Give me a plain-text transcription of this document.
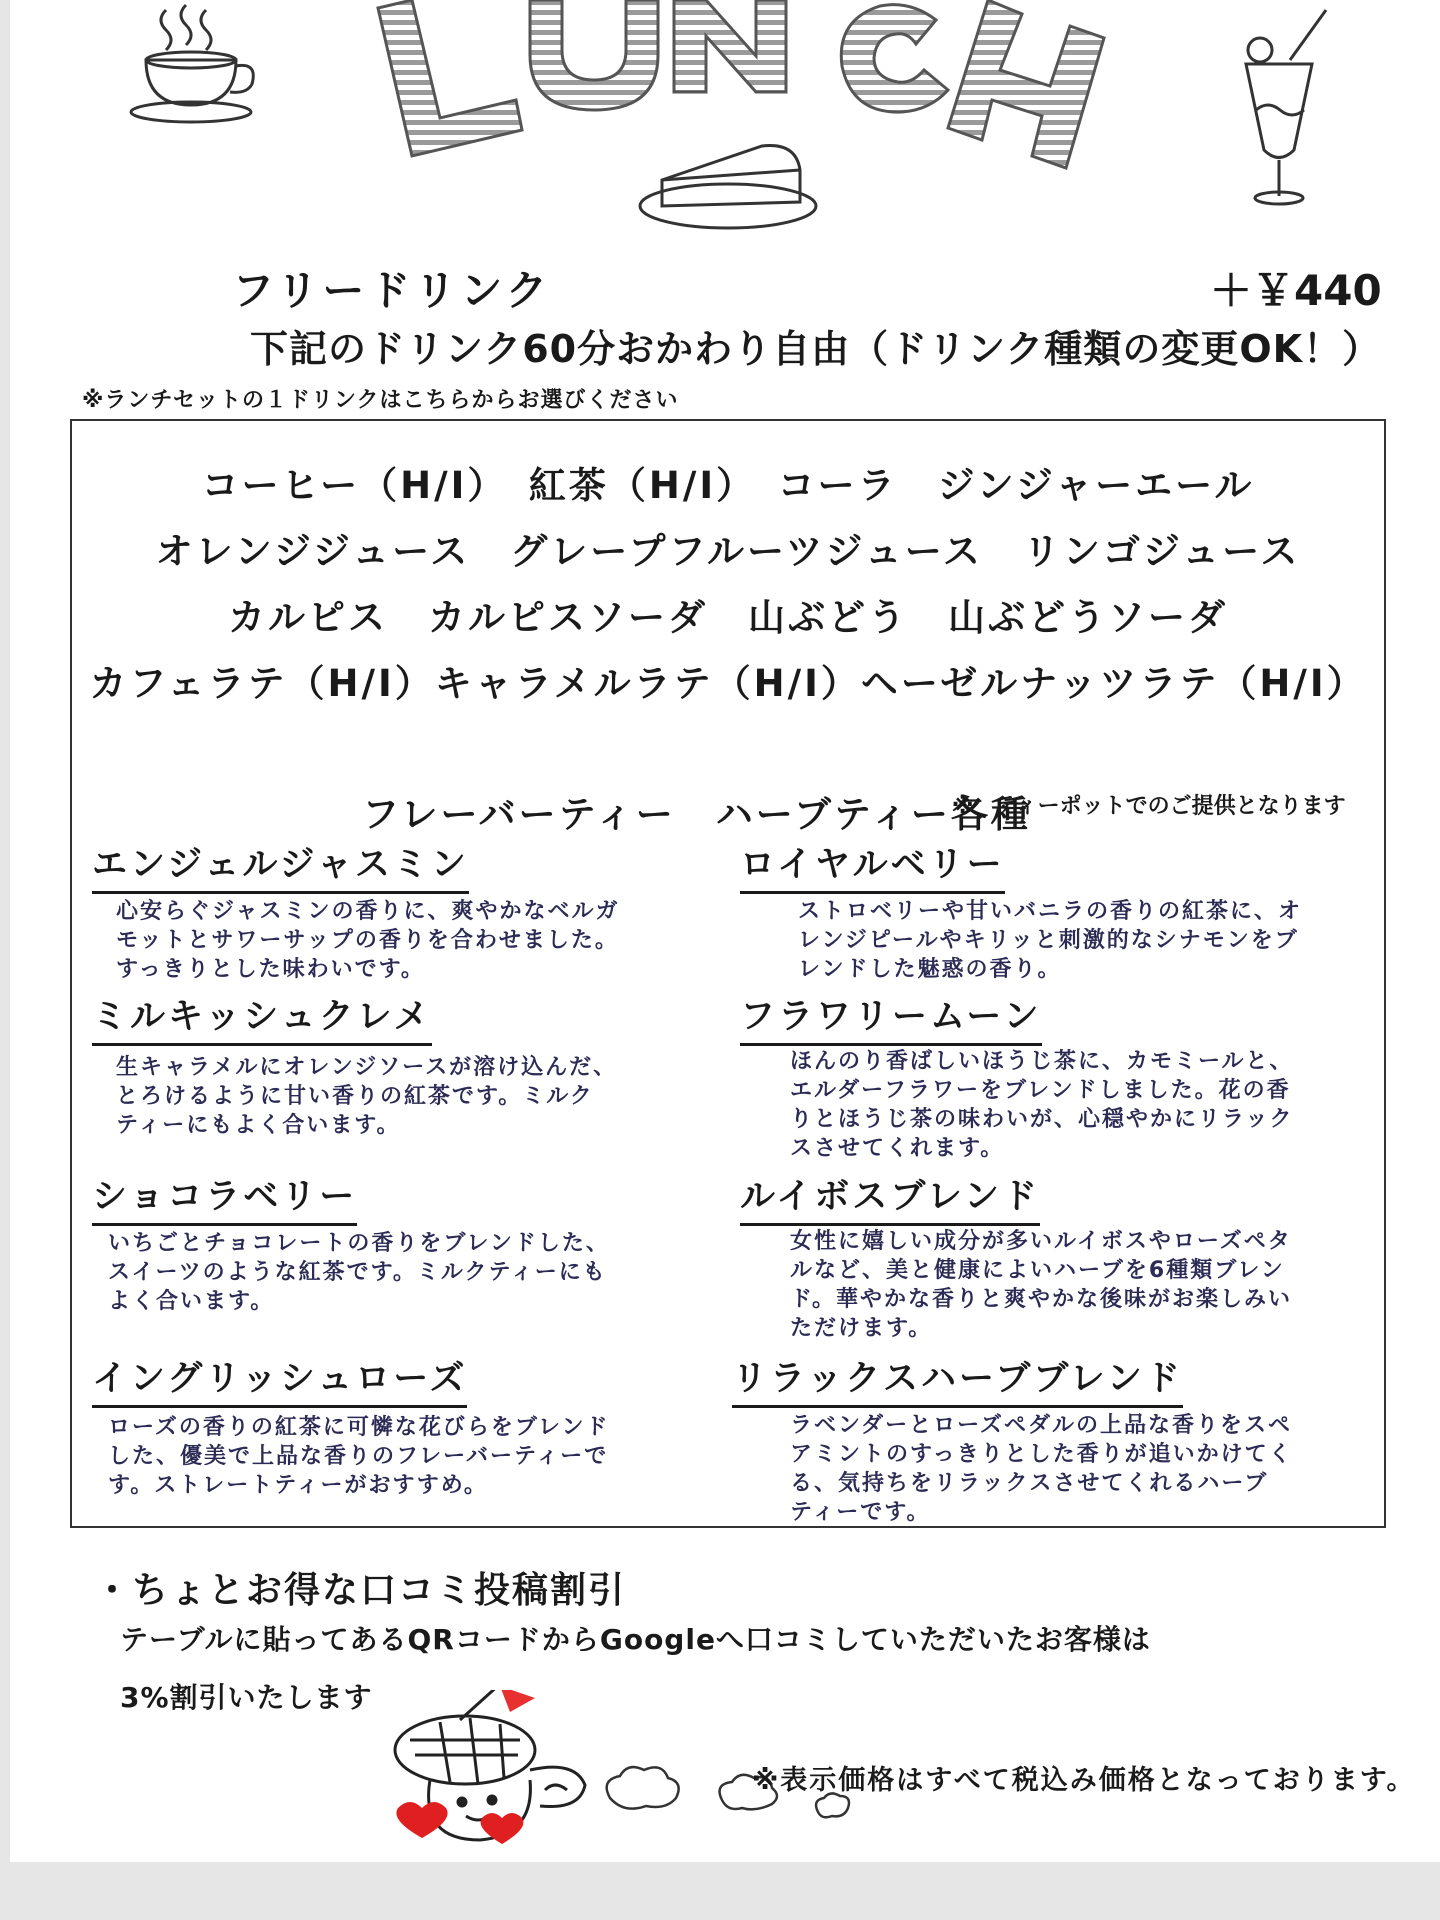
フリードリンク	＋￥440
下記のドリンク60分おかわり自由（ドリンク種類の変更OK！）
※ランチセットの１ドリンクはこちらからお選びください
コーヒー（H/I）　紅茶（H/I）　コーラ　ジンジャーエール
オレンジジュース　グレープフルーツジュース　リンゴジュース
カルピス　カルピスソーダ　山ぶどう　山ぶどうソーダ
カフェラテ（H/I）キャラメルラテ（H/I）ヘーゼルナッツラテ（H/I）
フレーバーティー　ハーブティー各種
※　ティーポットでのご提供となります
エンジェルジャスミン
心安らぐジャスミンの香りに、爽やかなベルガ
モットとサワーサップの香りを合わせました。
すっきりとした味わいです。
ミルキッシュクレメ
生キャラメルにオレンジソースが溶け込んだ、
とろけるように甘い香りの紅茶です。ミルク
ティーにもよく合います。
ショコラベリー
いちごとチョコレートの香りをブレンドした、
スイーツのような紅茶です。ミルクティーにも
よく合います。
イングリッシュローズ
ローズの香りの紅茶に可憐な花びらをブレンド
した、優美で上品な香りのフレーバーティーで
す。ストレートティーがおすすめ。
ロイヤルベリー
ストロベリーや甘いバニラの香りの紅茶に、オ
レンジピールやキリッと刺激的なシナモンをブ
レンドした魅惑の香り。
フラワリームーン
ほんのり香ばしいほうじ茶に、カモミールと、
エルダーフラワーをブレンドしました。花の香
りとほうじ茶の味わいが、心穏やかにリラック
スさせてくれます。
ルイボスブレンド
女性に嬉しい成分が多いルイボスやローズペタ
ルなど、美と健康によいハーブを6種類ブレン
ド。華やかな香りと爽やかな後味がお楽しみい
ただけます。
リラックスハーブブレンド
ラベンダーとローズペダルの上品な香りをスペ
アミントのすっきりとした香りが追いかけてく
る、気持ちをリラックスさせてくれるハーブ
ティーです。
・ちょとお得な口コミ投稿割引
テーブルに貼ってあるQRコードからGoogleへ口コミしていただいたお客様は
3%割引いたします
※表示価格はすべて税込み価格となっております。
